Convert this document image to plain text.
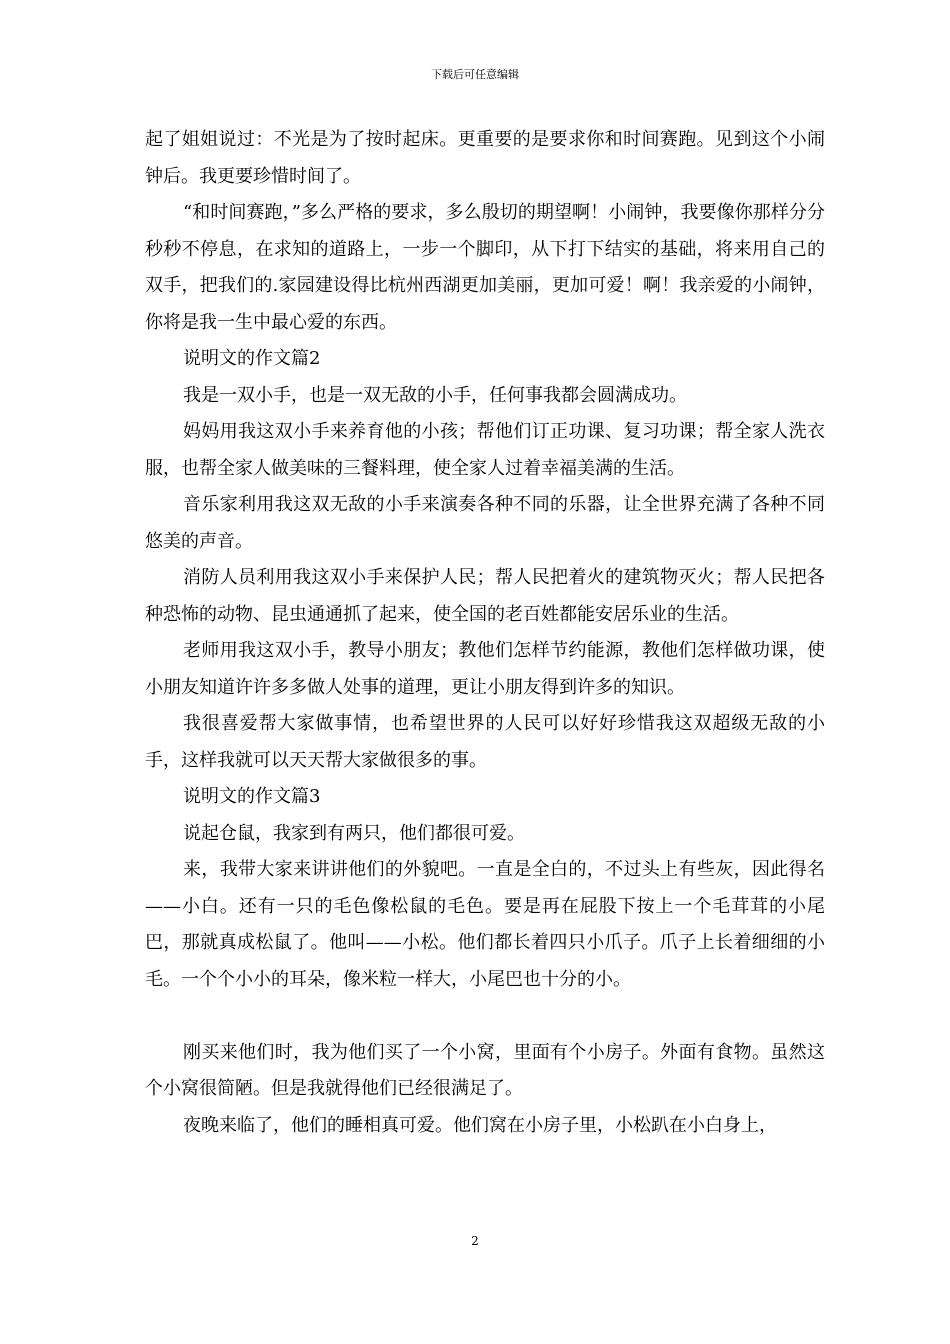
下载后可任意编辑

起了姐姐说过：不光是为了按时起床。更重要的是要求你和时间赛跑。见到这个小闹钟后。我更要珍惜时间了。

“和时间赛跑，”多么严格的要求，多么殷切的期望啊！小闹钟，我要像你那样分分秒秒不停息，在求知的道路上，一步一个脚印，从下打下结实的基础，将来用自己的双手，把我们的.家园建设得比杭州西湖更加美丽，更加可爱！啊！我亲爱的小闹钟，你将是我一生中最心爱的东西。

说明文的作文篇2

我是一双小手，也是一双无敌的小手，任何事我都会圆满成功。

妈妈用我这双小手来养育他的小孩；帮他们订正功课、复习功课；帮全家人洗衣服，也帮全家人做美味的三餐料理，使全家人过着幸福美满的生活。

音乐家利用我这双无敌的小手来演奏各种不同的乐器，让全世界充满了各种不同悠美的声音。

消防人员利用我这双小手来保护人民；帮人民把着火的建筑物灭火；帮人民把各种恐怖的动物、昆虫通通抓了起来，使全国的老百姓都能安居乐业的生活。

老师用我这双小手，教导小朋友；教他们怎样节约能源，教他们怎样做功课，使小朋友知道许许多多做人处事的道理，更让小朋友得到许多的知识。

我很喜爱帮大家做事情，也希望世界的人民可以好好珍惜我这双超级无敌的小手，这样我就可以天天帮大家做很多的事。

说明文的作文篇3

说起仓鼠，我家到有两只，他们都很可爱。

来，我带大家来讲讲他们的外貌吧。一直是全白的，不过头上有些灰，因此得名——小白。还有一只的毛色像松鼠的毛色。要是再在屁股下按上一个毛茸茸的小尾巴，那就真成松鼠了。他叫——小松。他们都长着四只小爪子。爪子上长着细细的小毛。一个个小小的耳朵，像米粒一样大，小尾巴也十分的小。

刚买来他们时，我为他们买了一个小窝，里面有个小房子。外面有食物。虽然这个小窝很简陋。但是我就得他们已经很满足了。

夜晚来临了，他们的睡相真可爱。他们窝在小房子里，小松趴在小白身上，

2
